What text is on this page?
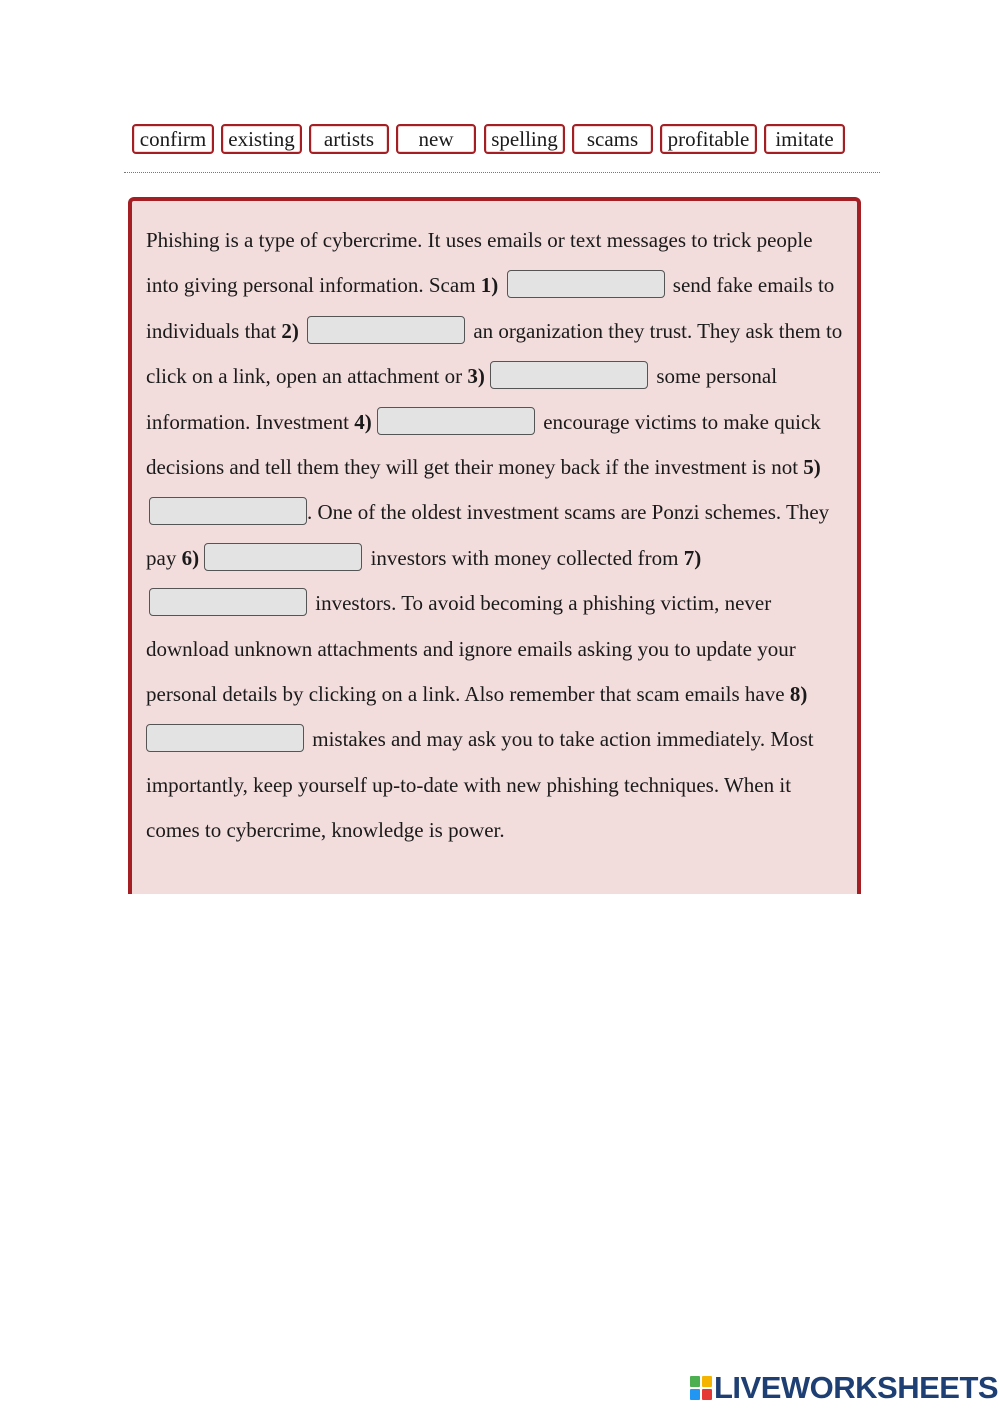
confirm	existing	artists	new	spelling	scams	profitable	imitate
Phishing is a type of cybercrime. It uses emails or text messages to trick people into giving personal information. Scam 1)	send fake emails to individuals that 2)	an organization they trust. They ask them to click on a link, open an attachment or 3)	some personal information. Investment 4)	encourage victims to make quick decisions and tell them they will get their money back if the investment is not 5) . One of the oldest investment scams are Ponzi schemes. They pay 6)	investors with money collected from 7)  investors. To avoid becoming a phishing victim, never download unknown attachments and ignore emails asking you to update your personal details by clicking on a link. Also remember that scam emails have 8)  mistakes and may ask you to take action immediately. Most importantly, keep yourself up-to-date with new phishing techniques. When it comes to cybercrime, knowledge is power.
LIVEWORKSHEETS
